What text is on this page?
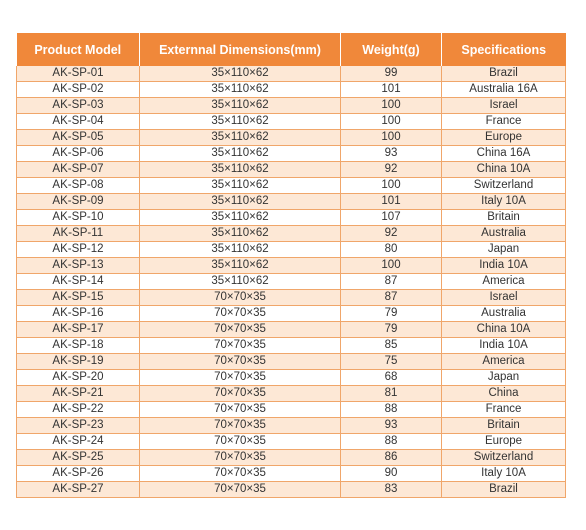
Product Model	Externnal Dimensions(mm)	Weight(g)	Specifications
AK-SP-01	35×110×62	99	Brazil
AK-SP-02	35×110×62	101	Australia 16A
AK-SP-03	35×110×62	100	Israel
AK-SP-04	35×110×62	100	France
AK-SP-05	35×110×62	100	Europe
AK-SP-06	35×110×62	93	China 16A
AK-SP-07	35×110×62	92	China 10A
AK-SP-08	35×110×62	100	Switzerland
AK-SP-09	35×110×62	101	Italy 10A
AK-SP-10	35×110×62	107	Britain
AK-SP-11	35×110×62	92	Australia
AK-SP-12	35×110×62	80	Japan
AK-SP-13	35×110×62	100	India 10A
AK-SP-14	35×110×62	87	America
AK-SP-15	70×70×35	87	Israel
AK-SP-16	70×70×35	79	Australia
AK-SP-17	70×70×35	79	China 10A
AK-SP-18	70×70×35	85	India 10A
AK-SP-19	70×70×35	75	America
AK-SP-20	70×70×35	68	Japan
AK-SP-21	70×70×35	81	China
AK-SP-22	70×70×35	88	France
AK-SP-23	70×70×35	93	Britain
AK-SP-24	70×70×35	88	Europe
AK-SP-25	70×70×35	86	Switzerland
AK-SP-26	70×70×35	90	Italy 10A
AK-SP-27	70×70×35	83	Brazil
